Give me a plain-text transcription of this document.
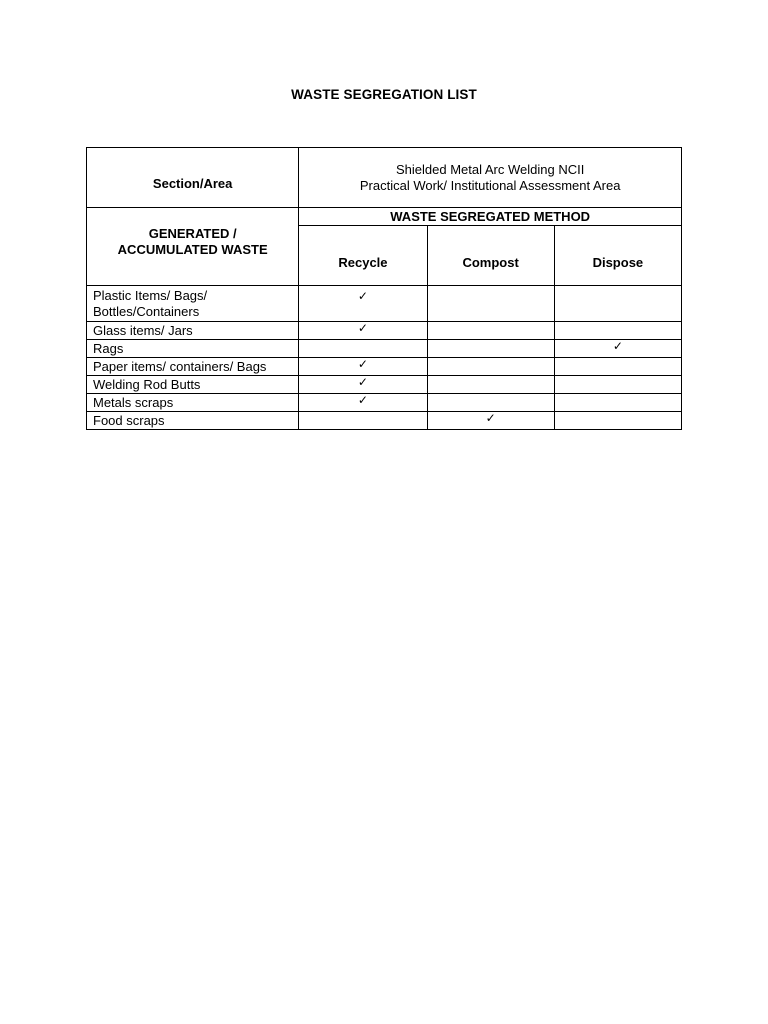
WASTE SEGREGATION LIST
Section/Area	Shielded Metal Arc Welding NCII
Practical Work/ Institutional Assessment Area		

GENERATED /
ACCUMULATED WASTE	WASTE SEGREGATED METHOD		
	Recycle	Compost	Dispose

Plastic Items/ Bags/
Bottles/Containers	✓		
Glass items/ Jars	✓		
Rags			✓
Paper items/ containers/ Bags	✓		
Welding Rod Butts	✓		
Metals scraps	✓		
Food scraps		✓	
